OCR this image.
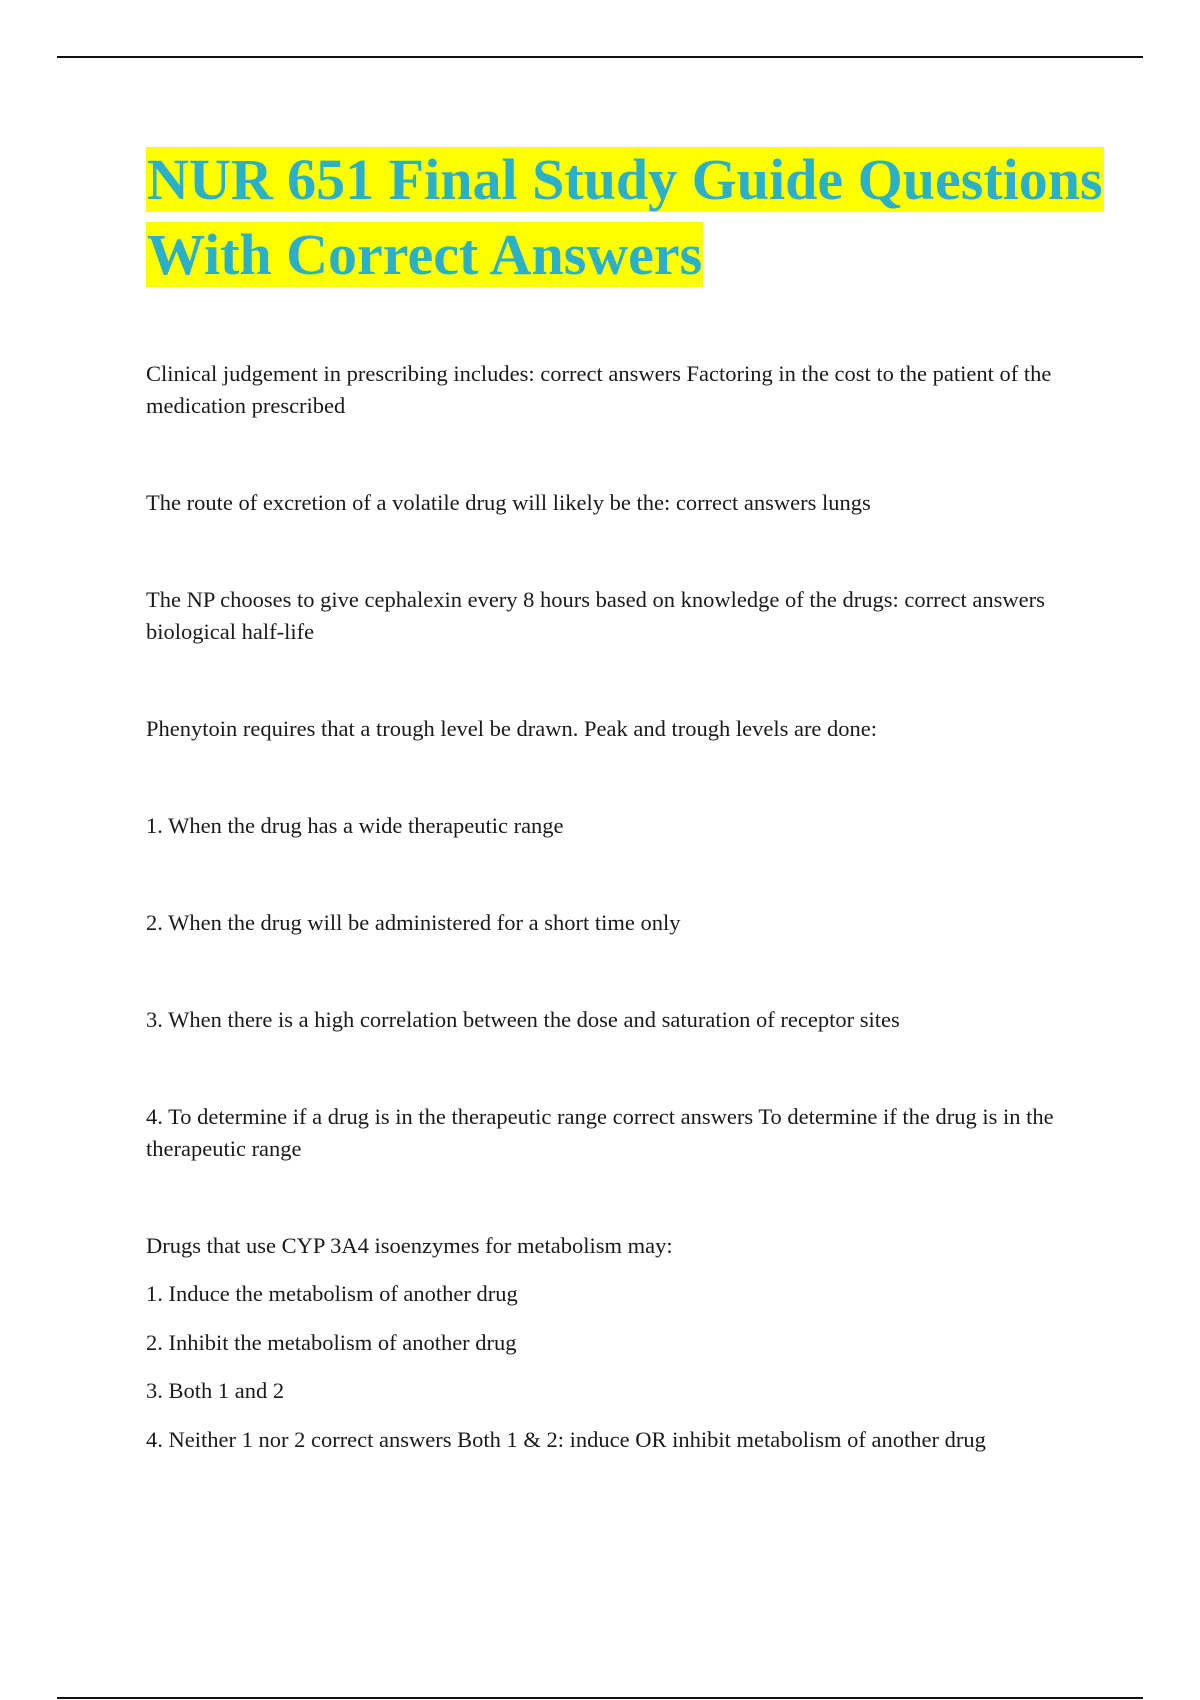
NUR 651 Final Study Guide Questions
With Correct Answers

Clinical judgement in prescribing includes: correct answers Factoring in the cost to the patient of the medication prescribed

The route of excretion of a volatile drug will likely be the: correct answers lungs

The NP chooses to give cephalexin every 8 hours based on knowledge of the drugs: correct answers biological half-life

Phenytoin requires that a trough level be drawn. Peak and trough levels are done:

1. When the drug has a wide therapeutic range

2. When the drug will be administered for a short time only

3. When there is a high correlation between the dose and saturation of receptor sites

4. To determine if a drug is in the therapeutic range correct answers To determine if the drug is in the therapeutic range

Drugs that use CYP 3A4 isoenzymes for metabolism may:

1. Induce the metabolism of another drug

2. Inhibit the metabolism of another drug

3. Both 1 and 2

4. Neither 1 nor 2 correct answers Both 1 & 2: induce OR inhibit metabolism of another drug
